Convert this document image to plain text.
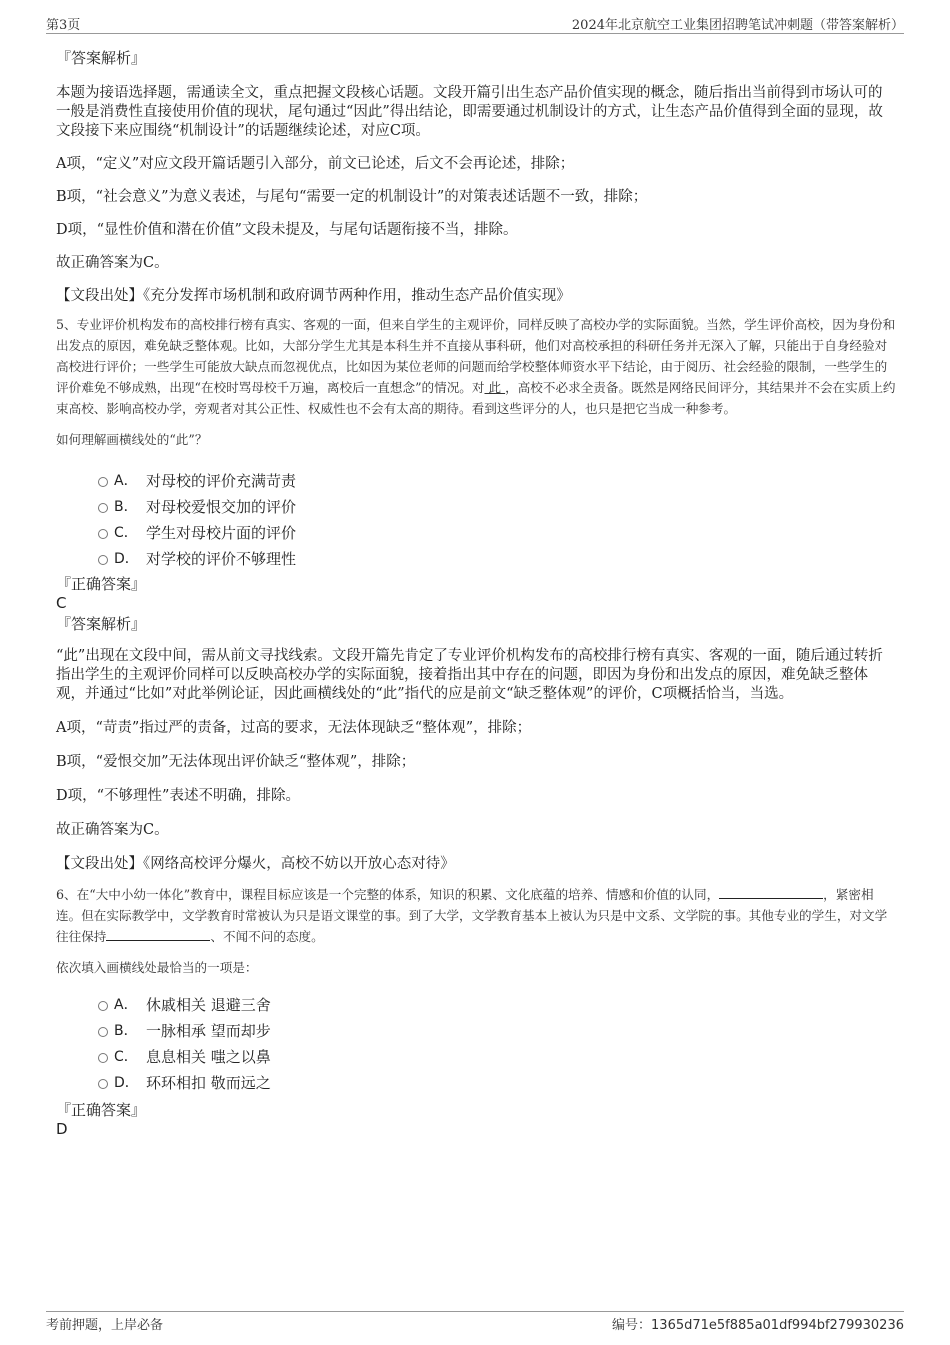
第3页	2024年北京航空工业集团招聘笔试冲刺题（带答案解析）
『答案解析』
本题为接语选择题，需通读全文，重点把握文段核心话题。文段开篇引出生态产品价值实现的概念，随后指出当前得到市场认可的一般是消费性直接使用价值的现状，尾句通过“因此”得出结论，即需要通过机制设计的方式，让生态产品价值得到全面的显现，故文段接下来应围绕“机制设计”的话题继续论述，对应C项。
A项，“定义”对应文段开篇话题引入部分，前文已论述，后文不会再论述，排除；
B项，“社会意义”为意义表述，与尾句“需要一定的机制设计”的对策表述话题不一致，排除；
D项，“显性价值和潜在价值”文段未提及，与尾句话题衔接不当，排除。
故正确答案为C。
【文段出处】《充分发挥市场机制和政府调节两种作用，推动生态产品价值实现》
5、专业评价机构发布的高校排行榜有真实、客观的一面，但来自学生的主观评价，同样反映了高校办学的实际面貌。当然，学生评价高校，因为身份和出发点的原因，难免缺乏整体观。比如，大部分学生尤其是本科生并不直接从事科研，他们对高校承担的科研任务并无深入了解，只能出于自身经验对高校进行评价；一些学生可能放大缺点而忽视优点，比如因为某位老师的问题而给学校整体师资水平下结论，由于阅历、社会经验的限制，一些学生的评价难免不够成熟，出现“在校时骂母校千万遍，离校后一直想念”的情况。对 此 ，高校不必求全责备。既然是网络民间评分，其结果并不会在实质上约束高校、影响高校办学，旁观者对其公正性、权威性也不会有太高的期待。看到这些评分的人，也只是把它当成一种参考。
如何理解画横线处的“此”？
A． 对母校的评价充满苛责
B． 对母校爱恨交加的评价
C． 学生对母校片面的评价
D． 对学校的评价不够理性
『正确答案』
C
『答案解析』
“此”出现在文段中间，需从前文寻找线索。文段开篇先肯定了专业评价机构发布的高校排行榜有真实、客观的一面，随后通过转折指出学生的主观评价同样可以反映高校办学的实际面貌，接着指出其中存在的问题，即因为身份和出发点的原因，难免缺乏整体观，并通过“比如”对此举例论证，因此画横线处的“此”指代的应是前文“缺乏整体观”的评价，C项概括恰当，当选。
A项，“苛责”指过严的责备，过高的要求，无法体现缺乏“整体观”，排除；
B项，“爱恨交加”无法体现出评价缺乏“整体观”，排除；
D项，“不够理性”表述不明确，排除。
故正确答案为C。
【文段出处】《网络高校评分爆火，高校不妨以开放心态对待》
6、在“大中小幼一体化”教育中，课程目标应该是一个完整的体系，知识的积累、文化底蕴的培养、情感和价值的认同，	，紧密相连。但在实际教学中，文学教育时常被认为只是语文课堂的事。到了大学，文学教育基本上被认为只是中文系、文学院的事。其他专业的学生，对文学往往保持	、不闻不问的态度。
依次填入画横线处最恰当的一项是：
A． 休戚相关 退避三舍
B． 一脉相承 望而却步
C． 息息相关 嗤之以鼻
D． 环环相扣 敬而远之
『正确答案』
D
考前押题，上岸必备	编号：1365d71e5f885a01df994bf279930236
